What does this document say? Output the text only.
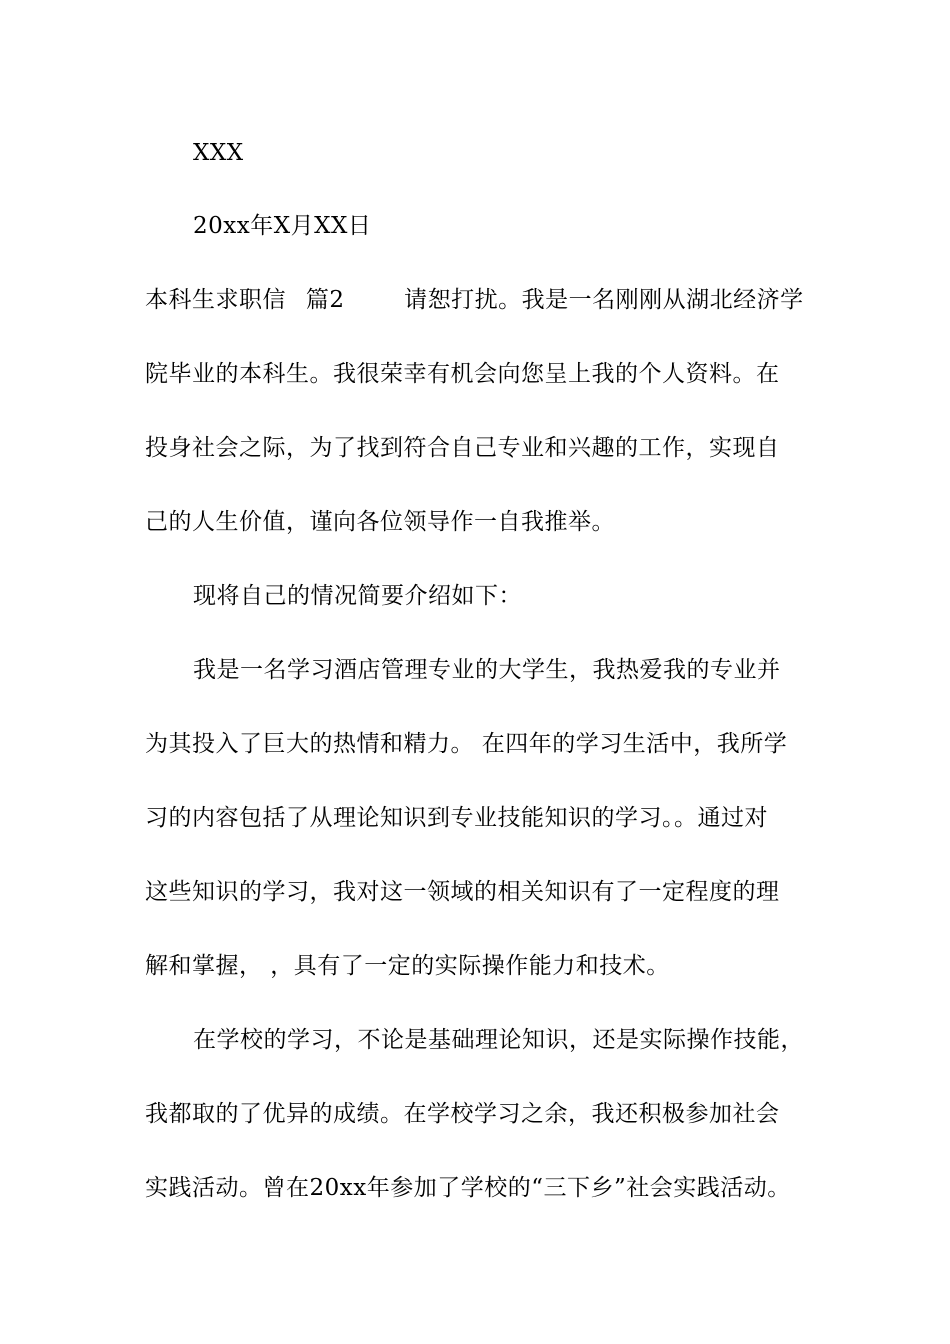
XXX
20xx年X月XX日
本科生求职信 篇2	请恕打扰。我是一名刚刚从湖北经济学
院毕业的本科生。我很荣幸有机会向您呈上我的个人资料。在
投身社会之际，为了找到符合自己专业和兴趣的工作，实现自
己的人生价值，谨向各位领导作一自我推举。
现将自己的情况简要介绍如下：
我是一名学习酒店管理专业的大学生，我热爱我的专业并
为其投入了巨大的热情和精力。 在四年的学习生活中，我所学
习的内容包括了从理论知识到专业技能知识的学习。。通过对
这些知识的学习，我对这一领域的相关知识有了一定程度的理
解和掌握， ，具有了一定的实际操作能力和技术。
在学校的学习，不论是基础理论知识，还是实际操作技能，
我都取的了优异的成绩。在学校学习之余，我还积极参加社会
实践活动。曾在20xx年参加了学校的“三下乡”社会实践活动。
